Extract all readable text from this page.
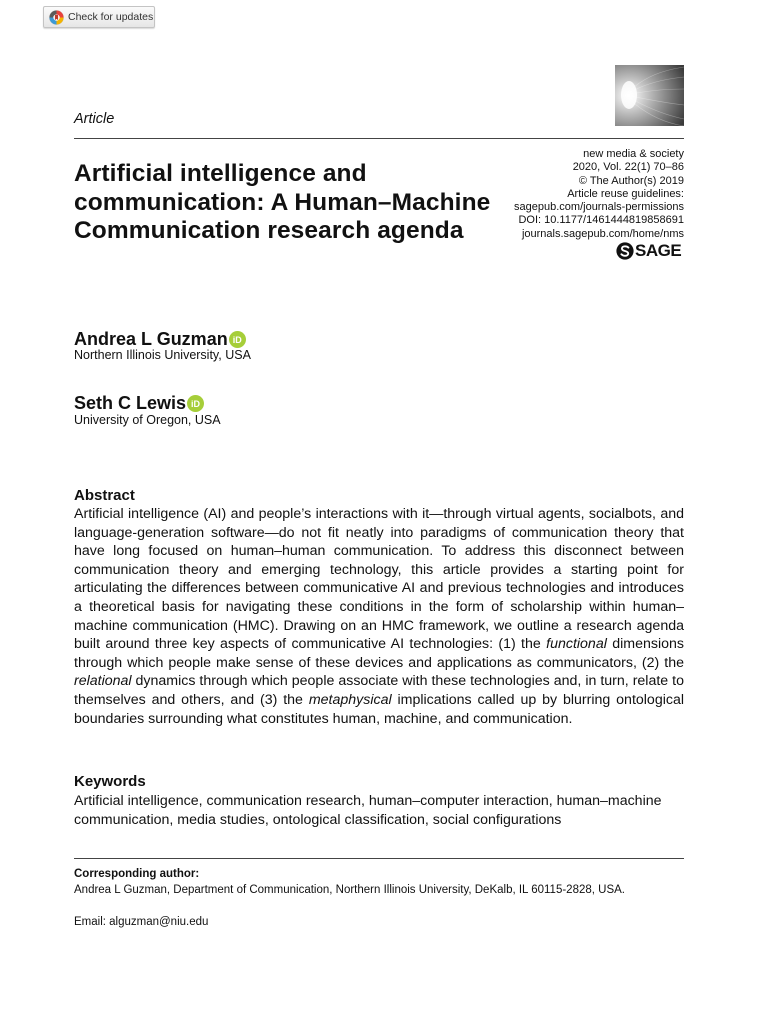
Check for updates
Article
new media & society
2020, Vol. 22(1) 70–86
© The Author(s) 2019
Article reuse guidelines:
sagepub.com/journals-permissions
DOI: 10.1177/1461444819858691
journals.sagepub.com/home/nms
SAGE
Artificial intelligence and communication: A Human–Machine Communication research agenda
Andrea L Guzman iD
Northern Illinois University, USA
Seth C Lewis iD
University of Oregon, USA
Abstract

Artificial intelligence (AI) and people’s interactions with it—through virtual agents, socialbots, and language-generation software—do not fit neatly into paradigms of communication theory that have long focused on human–human communication. To address this disconnect between communication theory and emerging technology, this article provides a starting point for articulating the differences between communicative AI and previous technologies and introduces a theoretical basis for navigating these conditions in the form of scholarship within human–machine communication (HMC). Drawing on an HMC framework, we outline a research agenda built around three key aspects of communicative AI technologies: (1) the functional dimensions through which people make sense of these devices and applications as communicators, (2) the relational dynamics through which people associate with these technologies and, in turn, relate to themselves and others, and (3) the metaphysical implications called up by blurring ontological boundaries surrounding what constitutes human, machine, and communication.

Keywords

Artificial intelligence, communication research, human–computer interaction, human–machine communication, media studies, ontological classification, social configurations

Corresponding author:
Andrea L Guzman, Department of Communication, Northern Illinois University, DeKalb, IL 60115-2828, USA.
Email: alguzman@niu.edu
